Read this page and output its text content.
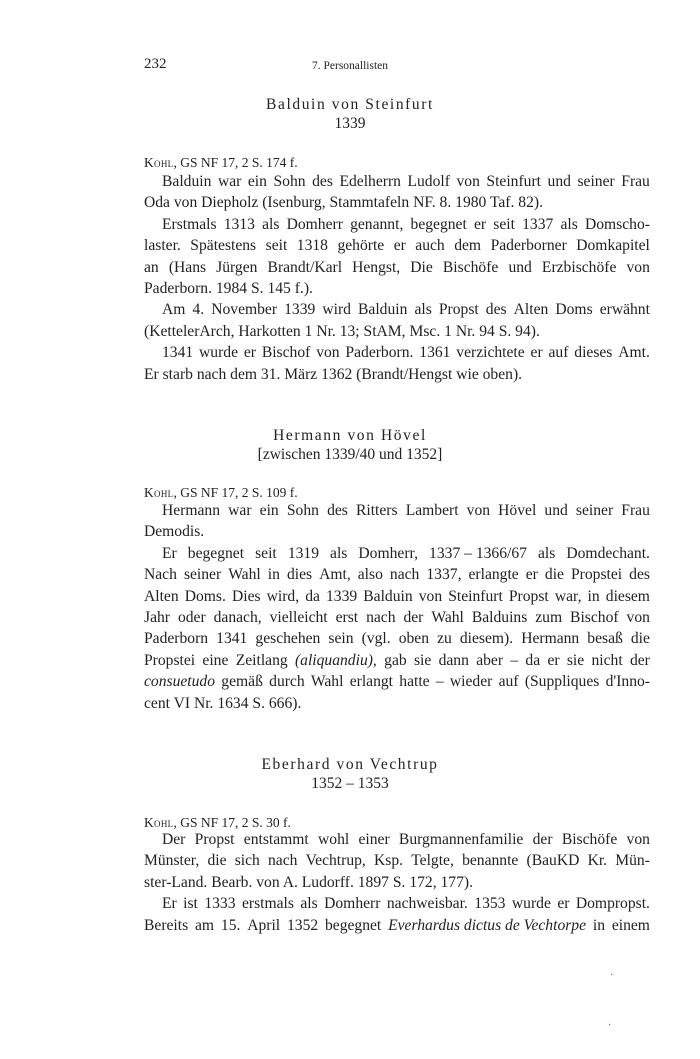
232	7. Personallisten
Balduin von Steinfurt
1339
Kohl, GS NF 17, 2 S. 174 f.
Balduin war ein Sohn des Edelherrn Ludolf von Steinfurt und seiner Frau
Oda von Diepholz (Isenburg, Stammtafeln NF. 8. 1980 Taf. 82).
Erstmals 1313 als Domherr genannt, begegnet er seit 1337 als Domscho-
laster. Spätestens seit 1318 gehörte er auch dem Paderborner Domkapitel
an (Hans Jürgen Brandt/Karl Hengst, Die Bischöfe und Erzbischöfe von
Paderborn. 1984 S. 145 f.).
Am 4. November 1339 wird Balduin als Propst des Alten Doms erwähnt
(KettelerArch, Harkotten 1 Nr. 13; StAM, Msc. 1 Nr. 94 S. 94).
1341 wurde er Bischof von Paderborn. 1361 verzichtete er auf dieses Amt.
Er starb nach dem 31. März 1362 (Brandt/Hengst wie oben).
Hermann von Hövel
[zwischen 1339/40 und 1352]
Kohl, GS NF 17, 2 S. 109 f.
Hermann war ein Sohn des Ritters Lambert von Hövel und seiner Frau
Demodis.
Er begegnet seit 1319 als Domherr, 1337 – 1366/67 als Domdechant.
Nach seiner Wahl in dies Amt, also nach 1337, erlangte er die Propstei des
Alten Doms. Dies wird, da 1339 Balduin von Steinfurt Propst war, in diesem
Jahr oder danach, vielleicht erst nach der Wahl Balduins zum Bischof von
Paderborn 1341 geschehen sein (vgl. oben zu diesem). Hermann besaß die
Propstei eine Zeitlang (aliquandiu), gab sie dann aber – da er sie nicht der
consuetudo gemäß durch Wahl erlangt hatte – wieder auf (Suppliques d'Inno-
cent VI Nr. 1634 S. 666).
Eberhard von Vechtrup
1352 – 1353
Kohl, GS NF 17, 2 S. 30 f.
Der Propst entstammt wohl einer Burgmannenfamilie der Bischöfe von
Münster, die sich nach Vechtrup, Ksp. Telgte, benannte (BauKD Kr. Mün-
ster-Land. Bearb. von A. Ludorff. 1897 S. 172, 177).
Er ist 1333 erstmals als Domherr nachweisbar. 1353 wurde er Dompropst.
Bereits am 15. April 1352 begegnet Everhardus dictus de Vechtorpe in einem
·
·
